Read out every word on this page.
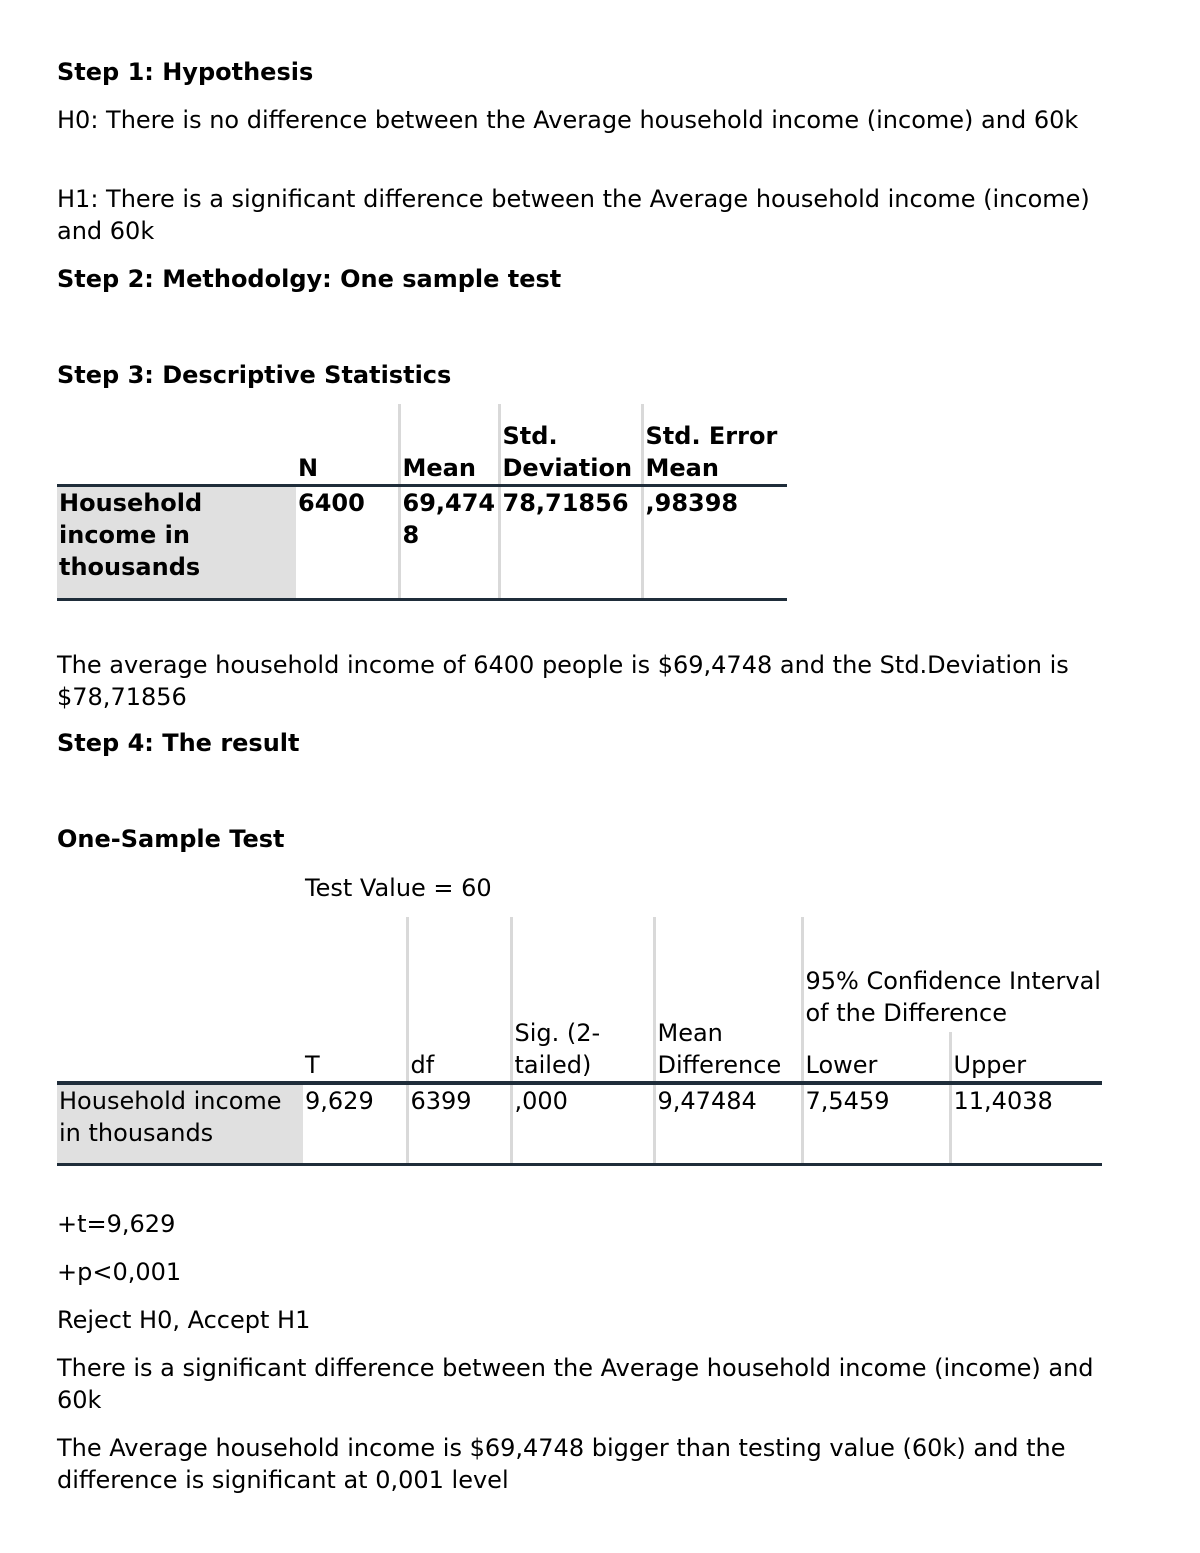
Step 1: Hypothesis

H0: There is no difference between the Average household income (income) and 60k

H1: There is a significant difference between the Average household income (income) and 60k

Step 2: Methodolgy: One sample test

Step 3: Descriptive Statistics

	N	Mean	Std. Deviation	Std. Error Mean
Household income in thousands	6400	69,4748	78,71856	,98398

The average household income of 6400 people is $69,4748 and the Std.Deviation is $78,71856

Step 4: The result

One-Sample Test

Test Value = 60

	T	df	Sig. (2-tailed)	Mean Difference	95% Confidence Interval of the Difference	
					Lower	Upper
Household income in thousands	9,629	6399	,000	9,47484	7,5459	11,4038

+t=9,629

+p<0,001

Reject H0, Accept H1

There is a significant difference between the Average household income (income) and 60k

The Average household income is $69,4748 bigger than testing value (60k) and the difference is significant at 0,001 level
